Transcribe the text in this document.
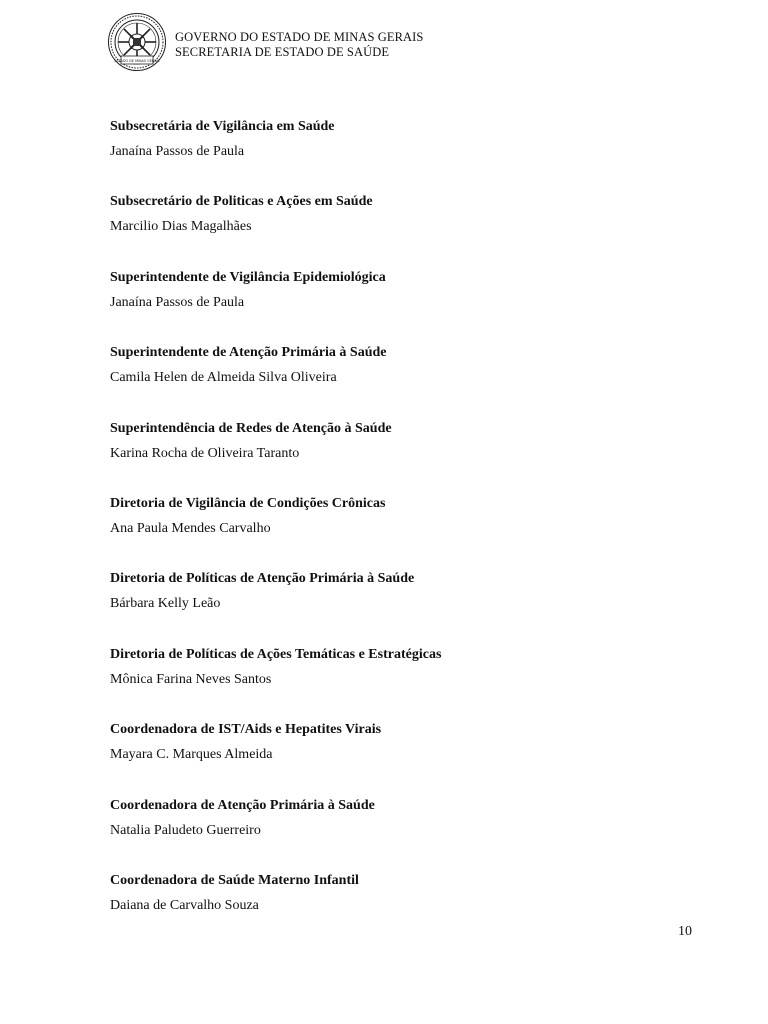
ESTADO DE MINAS GERAIS
GOVERNO DO ESTADO DE MINAS GERAIS
SECRETARIA DE ESTADO DE SAÚDE
Subsecretária de Vigilância em Saúde
Janaína Passos de Paula
Subsecretário de Politicas e Ações em Saúde
Marcilio Dias Magalhães
Superintendente de Vigilância Epidemiológica
Janaína Passos de Paula
Superintendente de Atenção Primária à Saúde
Camila Helen de Almeida Silva Oliveira
Superintendência de Redes de Atenção à Saúde
Karina Rocha de Oliveira Taranto
Diretoria de Vigilância de Condições Crônicas
Ana Paula Mendes Carvalho
Diretoria de Políticas de Atenção Primária à Saúde
Bárbara Kelly Leão
Diretoria de Políticas de Ações Temáticas e Estratégicas
Mônica Farina Neves Santos
Coordenadora de IST/Aids e Hepatites Virais
Mayara C. Marques Almeida
Coordenadora de Atenção Primária à Saúde
Natalia Paludeto Guerreiro
Coordenadora de Saúde Materno Infantil
Daiana de Carvalho Souza
10
